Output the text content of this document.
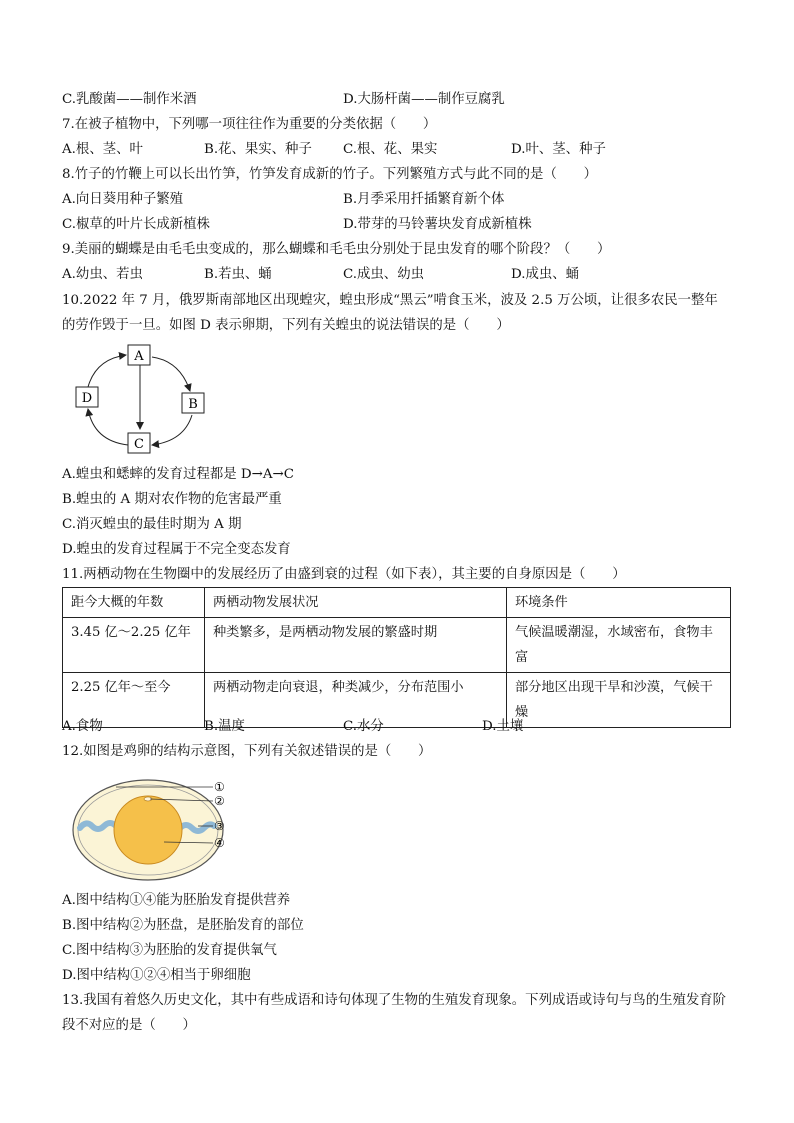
C.乳酸菌——制作米酒	D.大肠杆菌——制作豆腐乳
7.在被子植物中，下列哪一项往往作为重要的分类依据（　　）
A.根、茎、叶	B.花、果实、种子 C.根、花、果实	D.叶、茎、种子
8.竹子的竹鞭上可以长出竹笋，竹笋发育成新的竹子。下列繁殖方式与此不同的是（　　）
A.向日葵用种子繁殖	B.月季采用扦插繁育新个体
C.椒草的叶片长成新植株	D.带芽的马铃薯块发育成新植株
9.美丽的蝴蝶是由毛毛虫变成的，那么蝴蝶和毛毛虫分别处于昆虫发育的哪个阶段？（　　）
A.幼虫、若虫	B.若虫、蛹	C.成虫、幼虫	D.成虫、蛹
10.2022 年 7 月，俄罗斯南部地区出现蝗灾，蝗虫形成“黑云”啃食玉米，波及 2.5 万公顷，让很多农民一整年的劳作毁于一旦。如图 D 表示卵期，下列有关蝗虫的说法错误的是（　　）
A
B
C
D
A.蝗虫和蟋蟀的发育过程都是 D→A→C
B.蝗虫的 A 期对农作物的危害最严重
C.消灭蝗虫的最佳时期为 A 期
D.蝗虫的发育过程属于不完全变态发育
11.两栖动物在生物圈中的发展经历了由盛到衰的过程（如下表），其主要的自身原因是（　　）
距今大概的年数	两栖动物发展状况	环境条件
3.45 亿～2.25 亿年	种类繁多，是两栖动物发展的繁盛时期	气候温暖潮湿，水域密布，食物丰富
2.25 亿年～至今	两栖动物走向衰退，种类减少，分布范围小	部分地区出现干旱和沙漠，气候干燥
A.食物	B.温度	C.水分	D.土壤
12.如图是鸡卵的结构示意图，下列有关叙述错误的是（　　）
①
②
③
④
A.图中结构①④能为胚胎发育提供营养
B.图中结构②为胚盘，是胚胎发育的部位
C.图中结构③为胚胎的发育提供氧气
D.图中结构①②④相当于卵细胞
13.我国有着悠久历史文化，其中有些成语和诗句体现了生物的生殖发育现象。下列成语或诗句与鸟的生殖发育阶段不对应的是（　　）
